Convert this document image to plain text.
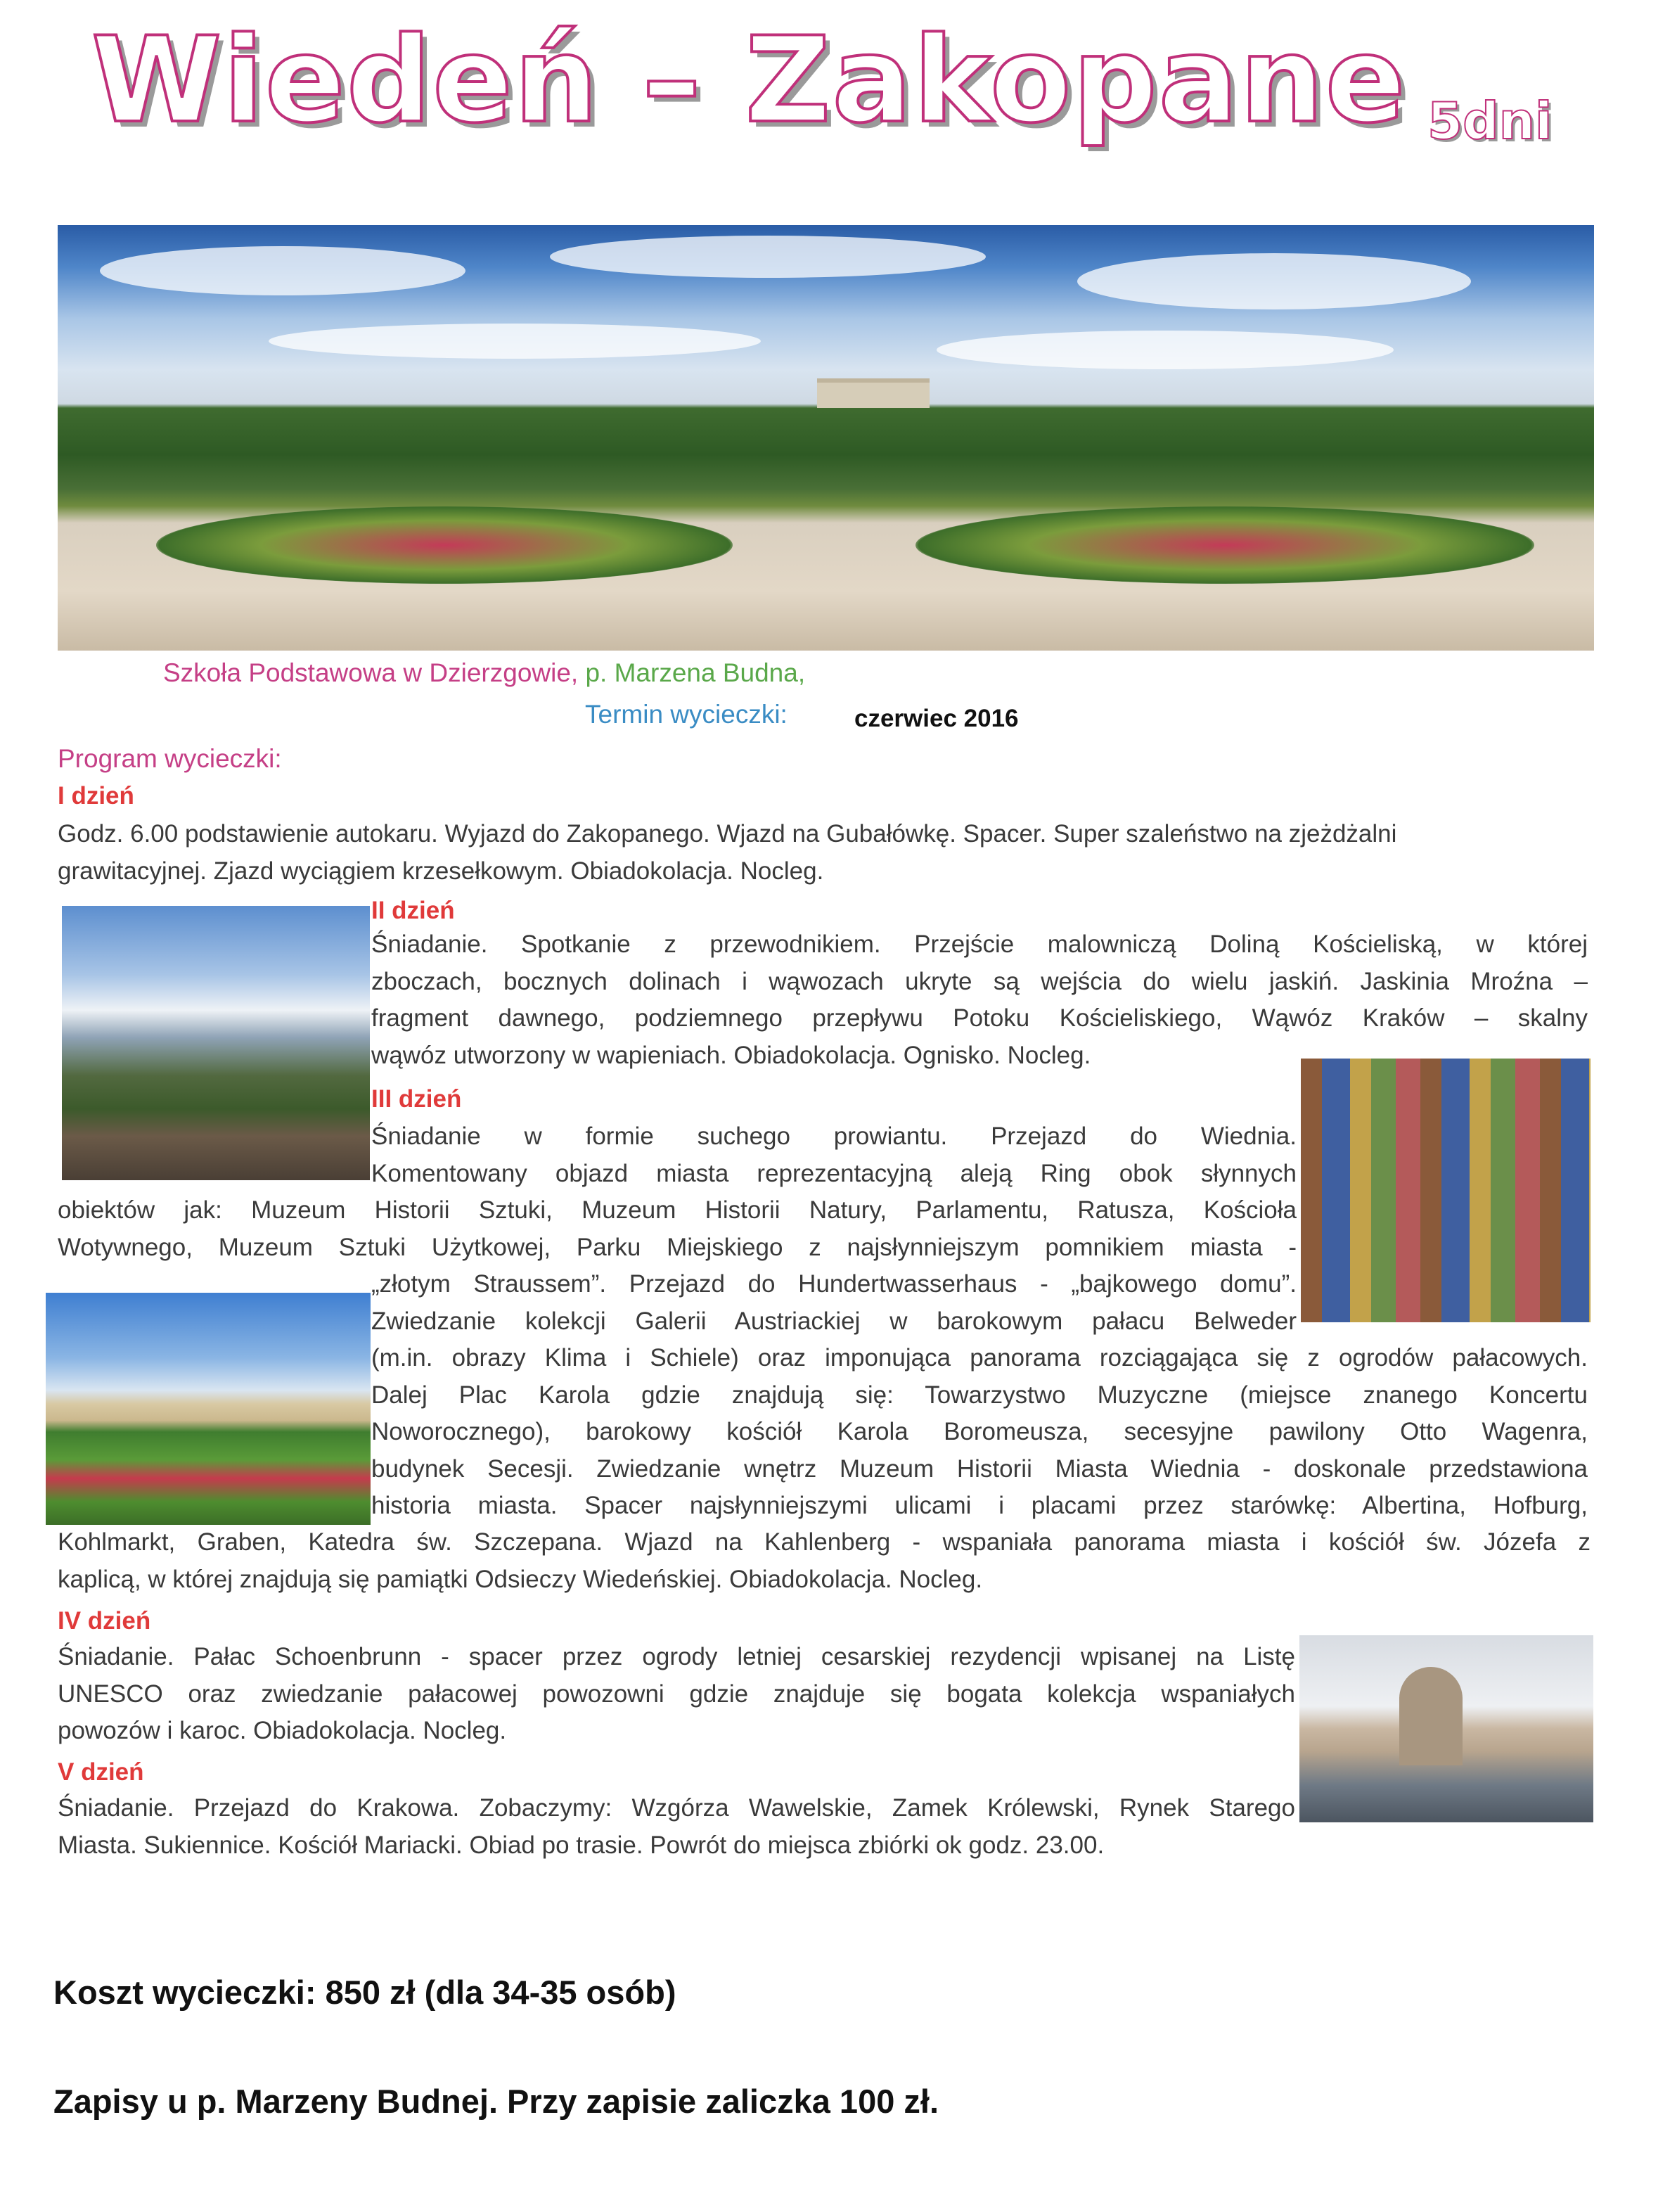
Wiedeń – Zakopane 5dni
Szkoła Podstawowa w Dzierzgowie, p. Marzena Budna,
Termin wycieczki:	czerwiec 2016
Program wycieczki:
I dzień
Godz. 6.00 podstawienie autokaru. Wyjazd do Zakopanego. Wjazd na Gubałówkę. Spacer. Super szaleństwo na zjeżdżalni
grawitacyjnej. Zjazd wyciągiem krzesełkowym. Obiadokolacja. Nocleg.
II dzień
Śniadanie. Spotkanie z przewodnikiem. Przejście malowniczą Doliną Kościeliską, w której
zboczach, bocznych dolinach i wąwozach ukryte są wejścia do wielu jaskiń. Jaskinia Mroźna –
fragment dawnego, podziemnego przepływu Potoku Kościeliskiego, Wąwóz Kraków – skalny
wąwóz utworzony w wapieniach. Obiadokolacja. Ognisko. Nocleg.
III dzień
Śniadanie w formie suchego prowiantu. Przejazd do Wiednia.
Komentowany objazd miasta reprezentacyjną aleją Ring obok słynnych
obiektów jak: Muzeum Historii Sztuki, Muzeum Historii Natury, Parlamentu, Ratusza, Kościoła
Wotywnego, Muzeum Sztuki Użytkowej, Parku Miejskiego z najsłynniejszym pomnikiem miasta -
„złotym Straussem”. Przejazd do Hundertwasserhaus - „bajkowego domu”.
Zwiedzanie kolekcji Galerii Austriackiej w barokowym pałacu Belweder
(m.in. obrazy Klima i Schiele) oraz imponująca panorama rozciągająca się z ogrodów pałacowych.
Dalej Plac Karola gdzie znajdują się: Towarzystwo Muzyczne (miejsce znanego Koncertu
Noworocznego), barokowy kościół Karola Boromeusza, secesyjne pawilony Otto Wagenra,
budynek Secesji. Zwiedzanie wnętrz Muzeum Historii Miasta Wiednia - doskonale przedstawiona
historia miasta. Spacer najsłynniejszymi ulicami i placami przez starówkę: Albertina, Hofburg,
Kohlmarkt, Graben, Katedra św. Szczepana. Wjazd na Kahlenberg - wspaniała panorama miasta i kościół św. Józefa z
kaplicą, w której znajdują się pamiątki Odsieczy Wiedeńskiej. Obiadokolacja. Nocleg.
IV dzień
Śniadanie. Pałac Schoenbrunn - spacer przez ogrody letniej cesarskiej rezydencji wpisanej na Listę
UNESCO oraz zwiedzanie pałacowej powozowni gdzie znajduje się bogata kolekcja wspaniałych
powozów i karoc. Obiadokolacja. Nocleg.
V dzień
Śniadanie. Przejazd do Krakowa. Zobaczymy: Wzgórza Wawelskie, Zamek Królewski, Rynek Starego
Miasta. Sukiennice. Kościół Mariacki. Obiad po trasie. Powrót do miejsca zbiórki ok godz. 23.00.
Koszt wycieczki: 850 zł (dla 34-35 osób)
Zapisy u p. Marzeny Budnej. Przy zapisie zaliczka 100 zł.
